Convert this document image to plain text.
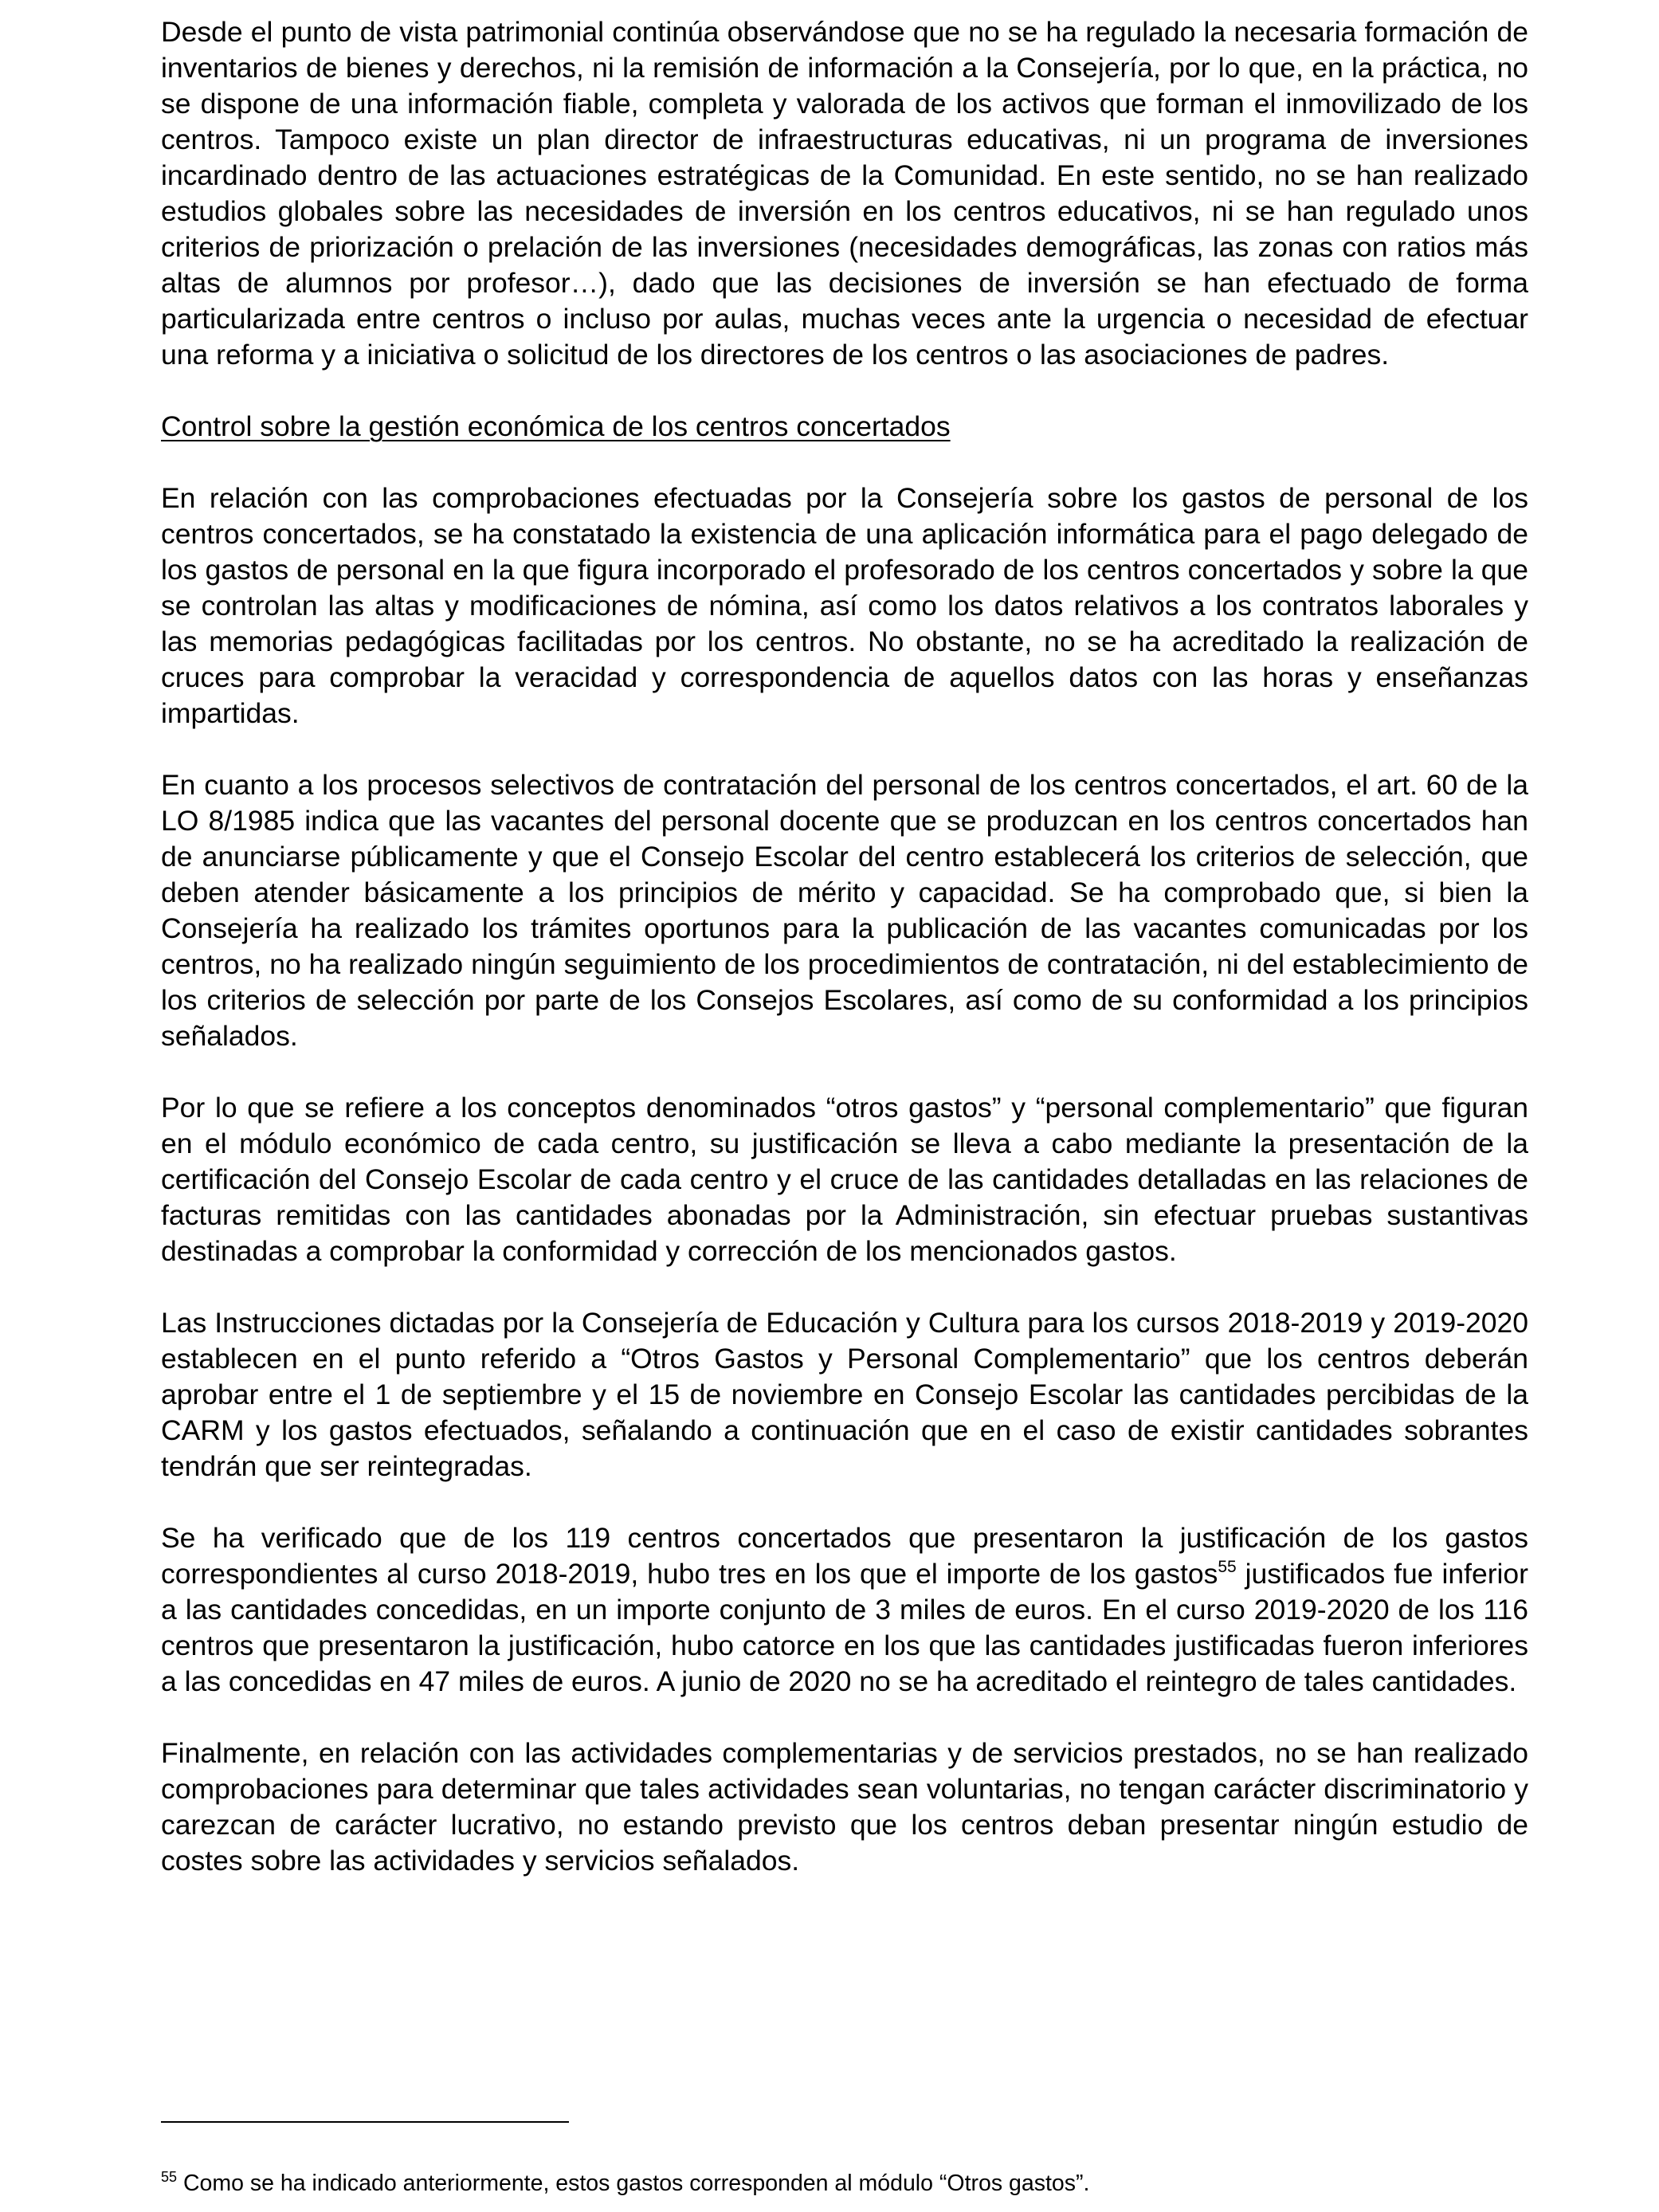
Desde el punto de vista patrimonial continúa observándose que no se ha regulado la necesaria formación de inventarios de bienes y derechos, ni la remisión de información a la Consejería, por lo que, en la práctica, no se dispone de una información fiable, completa y valorada de los activos que forman el inmovilizado de los centros. Tampoco existe un plan director de infraestructuras educativas, ni un programa de inversiones incardinado dentro de las actuaciones estratégicas de la Comunidad. En este sentido, no se han realizado estudios globales sobre las necesidades de inversión en los centros educativos, ni se han regulado unos criterios de priorización o prelación de las inversiones (necesidades demográficas, las zonas con ratios más altas de alumnos por profesor…), dado que las decisiones de inversión se han efectuado de forma particularizada entre centros o incluso por aulas, muchas veces ante la urgencia o necesidad de efectuar una reforma y a iniciativa o solicitud de los directores de los centros o las asociaciones de padres.

Control sobre la gestión económica de los centros concertados

En relación con las comprobaciones efectuadas por la Consejería sobre los gastos de personal de los centros concertados, se ha constatado la existencia de una aplicación informática para el pago delegado de los gastos de personal en la que figura incorporado el profesorado de los centros concertados y sobre la que se controlan las altas y modificaciones de nómina, así como los datos relativos a los contratos laborales y las memorias pedagógicas facilitadas por los centros. No obstante, no se ha acreditado la realización de cruces para comprobar la veracidad y correspondencia de aquellos datos con las horas y enseñanzas impartidas.

En cuanto a los procesos selectivos de contratación del personal de los centros concertados, el art. 60 de la LO 8/1985 indica que las vacantes del personal docente que se produzcan en los centros concertados han de anunciarse públicamente y que el Consejo Escolar del centro establecerá los criterios de selección, que deben atender básicamente a los principios de mérito y capacidad. Se ha comprobado que, si bien la Consejería ha realizado los trámites oportunos para la publicación de las vacantes comunicadas por los centros, no ha realizado ningún seguimiento de los procedimientos de contratación, ni del establecimiento de los criterios de selección por parte de los Consejos Escolares, así como de su conformidad a los principios señalados.

Por lo que se refiere a los conceptos denominados “otros gastos” y “personal complementario” que figuran en el módulo económico de cada centro, su justificación se lleva a cabo mediante la presentación de la certificación del Consejo Escolar de cada centro y el cruce de las cantidades detalladas en las relaciones de facturas remitidas con las cantidades abonadas por la Administración, sin efectuar pruebas sustantivas destinadas a comprobar la conformidad y corrección de los mencionados gastos.

Las Instrucciones dictadas por la Consejería de Educación y Cultura para los cursos 2018-2019 y 2019-2020 establecen en el punto referido a “Otros Gastos y Personal Complementario” que los centros deberán aprobar entre el 1 de septiembre y el 15 de noviembre en Consejo Escolar las cantidades percibidas de la CARM y los gastos efectuados, señalando a continuación que en el caso de existir cantidades sobrantes tendrán que ser reintegradas.

Se ha verificado que de los 119 centros concertados que presentaron la justificación de los gastos correspondientes al curso 2018-2019, hubo tres en los que el importe de los gastos$^{55}$ justificados fue inferior a las cantidades concedidas, en un importe conjunto de 3 miles de euros. En el curso 2019-2020 de los 116 centros que presentaron la justificación, hubo catorce en los que las cantidades justificadas fueron inferiores a las concedidas en 47 miles de euros. A junio de 2020 no se ha acreditado el reintegro de tales cantidades.

Finalmente, en relación con las actividades complementarias y de servicios prestados, no se han realizado comprobaciones para determinar que tales actividades sean voluntarias, no tengan carácter discriminatorio y carezcan de carácter lucrativo, no estando previsto que los centros deban presentar ningún estudio de costes sobre las actividades y servicios señalados.

$^{55}$ Como se ha indicado anteriormente, estos gastos corresponden al módulo “Otros gastos”.
